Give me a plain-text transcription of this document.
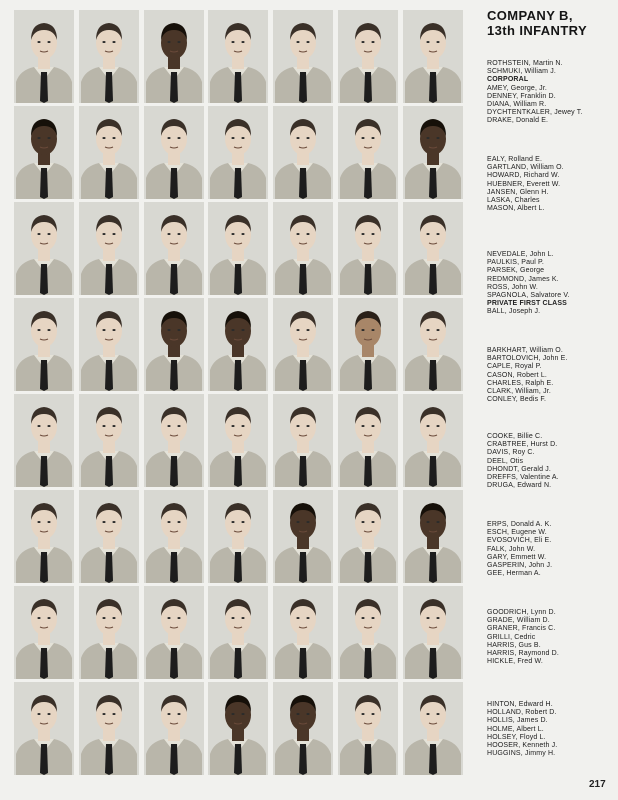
COMPANY B,
13th INFANTRY
ROTHSTEIN, Martin N.
SCHMUKI, William J.
CORPORAL
AMEY, George, Jr.
DENNEY, Franklin D.
DIANA, William R.
DYCHTENTKALER, Jewey T.
DRAKE, Donald E.
EALY, Rolland E.
GARTLAND, William O.
HOWARD, Richard W.
HUEBNER, Everett W.
JANSEN, Glenn H.
LASKA, Charles
MASON, Albert L.
NEVEDALE, John L.
PAULKIS, Paul P.
PARSEK, George
REDMOND, James K.
ROSS, John W.
SPAGNOLA, Salvatore V.
PRIVATE FIRST CLASS
BALL, Joseph J.
BARKHART, William O.
BARTOLOVICH, John E.
CAPLE, Royal P.
CASON, Robert L.
CHARLES, Ralph E.
CLARK, William, Jr.
CONLEY, Bedis F.
COOKE, Billie C.
CRABTREE, Hurst D.
DAVIS, Roy C.
DEEL, Otis
DHONDT, Gerald J.
DREFFS, Valentine A.
DRUGA, Edward N.
ERPS, Donald A. K.
ESCH, Eugene W.
EVOSOVICH, Eli E.
FALK, John W.
GARY, Emmett W.
GASPERIN, John J.
GEE, Herman A.
GOODRICH, Lynn D.
GRADE, William D.
GRANER, Francis C.
GRILLI, Cedric
HARRIS, Gus B.
HARRIS, Raymond D.
HICKLE, Fred W.
HINTON, Edward H.
HOLLAND, Robert D.
HOLLIS, James D.
HOLME, Albert L.
HOLSEY, Floyd L.
HOOSER, Kenneth J.
HUGGINS, Jimmy H.
217
